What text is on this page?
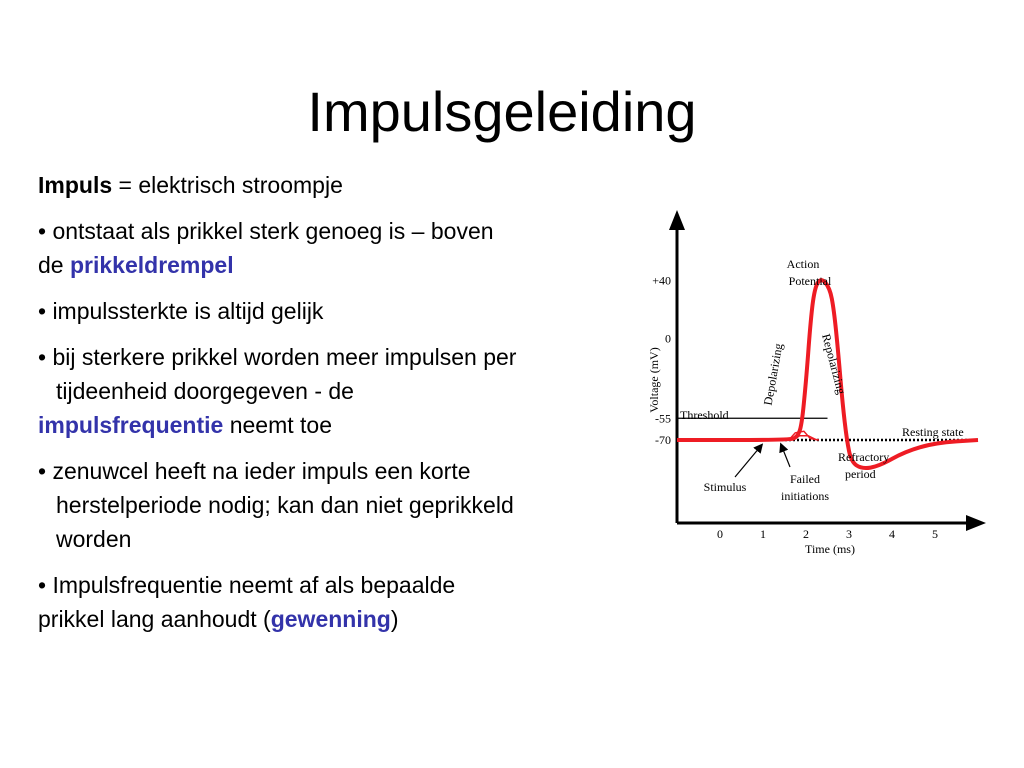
Impulsgeleiding

Impuls = elektrisch stroompje

• ontstaat als prikkel sterk genoeg is – boven
de prikkeldrempel

• impulssterkte is altijd gelijk

• bij sterkere prikkel worden meer impulsen per
tijdeenheid doorgegeven - de
impulsfrequentie neemt toe

• zenuwcel heeft na ieder impuls een korte
herstelperiode nodig; kan dan niet geprikkeld
worden

• Impulsfrequentie neemt af als bepaalde
prikkel lang aanhoudt (gewenning)

0	1	2	3	4	5
+40
0
-55
-70
Voltage (mV)
Time (ms)
Threshold
Resting state
Action
Potential
Depolarizing	Repolarizing
Refractory
period
Stimulus
Failed
initiations
